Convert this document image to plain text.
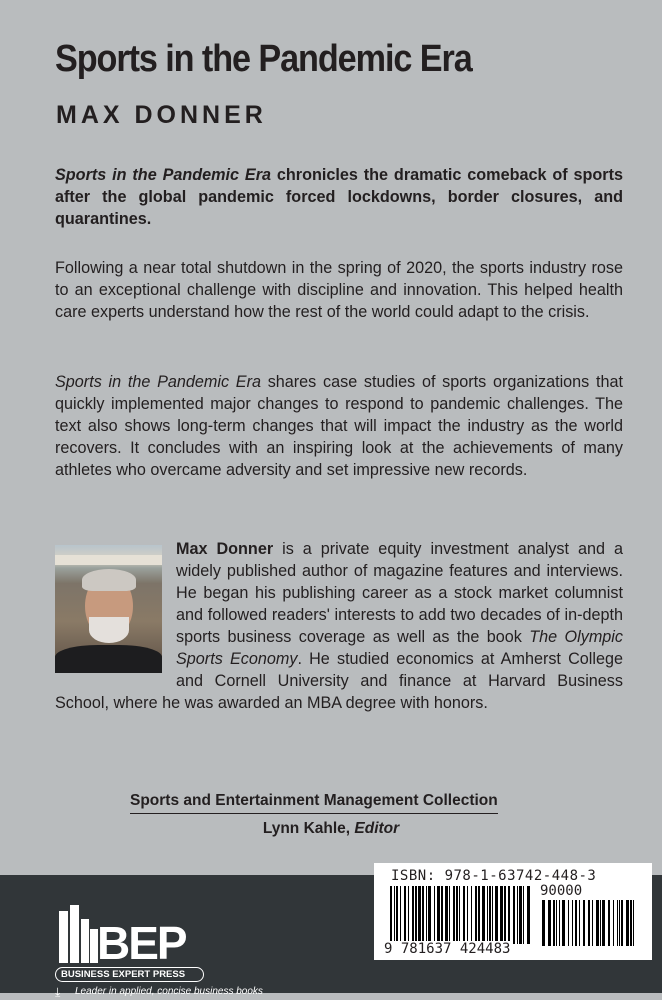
Sports in the Pandemic Era
MAX DONNER

Sports in the Pandemic Era chronicles the dramatic comeback of sports after the global pandemic forced lockdowns, border closures, and quarantines.

Following a near total shutdown in the spring of 2020, the sports industry rose to an exceptional challenge with discipline and innovation. This helped health care experts understand how the rest of the world could adapt to the crisis.

Sports in the Pandemic Era shares case studies of sports organizations that quickly implemented major changes to respond to pandemic challenges. The text also shows long-term changes that will impact the industry as the world recovers. It concludes with an inspiring look at the achievements of many athletes who overcame adversity and set impressive new records.

Max Donner is a private equity investment analyst and a widely published author of magazine features and interviews. He began his publishing career as a stock market columnist and followed readers' interests to add two decades of in-depth sports business coverage as well as the book The Olympic Sports Economy. He studied economics at Amherst College and Cornell University and finance at Harvard Business School, where he was awarded an MBA degree with honors.
Sports and Entertainment Management Collection
Lynn Kahle, Editor
BEP
BUSINESS EXPERT PRESS
⤓ Leader in applied, concise business books
ISBN: 978-1-63742-448-3
90000
9 781637 424483
